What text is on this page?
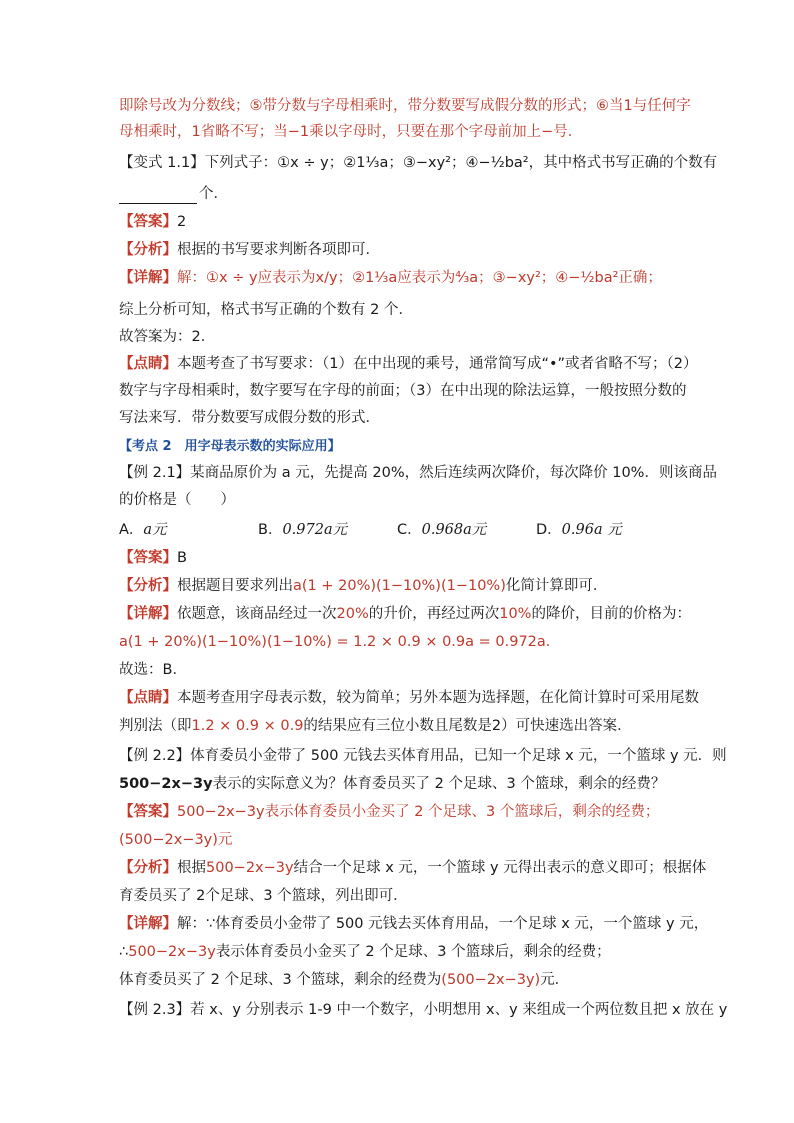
即除号改为分数线；⑤带分数与字母相乘时，带分数要写成假分数的形式；⑥当1与任何字
母相乘时，1省略不写；当−1乘以字母时，只要在那个字母前加上−号．
【变式 1.1】下列式子：①x ÷ y；②1⅓a；③−xy²；④−½ba²，其中格式书写正确的个数有
个．
【答案】2
【分析】根据的书写要求判断各项即可．
【详解】解：①x ÷ y应表示为x/y；②1⅓a应表示为⁴⁄₃a；③−xy²；④−½ba²正确；
综上分析可知，格式书写正确的个数有 2 个．
故答案为：2．
【点睛】本题考查了书写要求：（1）在中出现的乘号，通常简写成“•”或者省略不写；（2）
数字与字母相乘时，数字要写在字母的前面；（3）在中出现的除法运算，一般按照分数的
写法来写．带分数要写成假分数的形式．
【考点 2　用字母表示数的实际应用】
【例 2.1】某商品原价为 a 元，先提高 20%，然后连续两次降价，每次降价 10%．则该商品
的价格是（　　）
A．a元	B．0.972a元	C．0.968a元	D．0.96a 元
【答案】B
【分析】根据题目要求列出a(1 + 20%)(1−10%)(1−10%)化简计算即可．
【详解】依题意，该商品经过一次20%的升价，再经过两次10%的降价，目前的价格为：
a(1 + 20%)(1−10%)(1−10%) = 1.2 × 0.9 × 0.9a = 0.972a．
故选：B．
【点睛】本题考查用字母表示数，较为简单；另外本题为选择题，在化简计算时可采用尾数
判别法（即1.2 × 0.9 × 0.9的结果应有三位小数且尾数是2）可快速选出答案．
【例 2.2】体育委员小金带了 500 元钱去买体育用品，已知一个足球 x 元，一个篮球 y 元．则
500−2x−3y表示的实际意义为？体育委员买了 2 个足球、3 个篮球，剩余的经费？
【答案】500−2x−3y表示体育委员小金买了 2 个足球、3 个篮球后，剩余的经费；
(500−2x−3y)元
【分析】根据500−2x−3y结合一个足球 x 元，一个篮球 y 元得出表示的意义即可；根据体
育委员买了 2个足球、3 个篮球，列出即可．
【详解】解：∵体育委员小金带了 500 元钱去买体育用品，一个足球 x 元，一个篮球 y 元，
∴500−2x−3y表示体育委员小金买了 2 个足球、3 个篮球后，剩余的经费；
体育委员买了 2 个足球、3 个篮球，剩余的经费为(500−2x−3y)元．
【例 2.3】若 x、y 分别表示 1-9 中一个数字，小明想用 x、y 来组成一个两位数且把 x 放在 y
